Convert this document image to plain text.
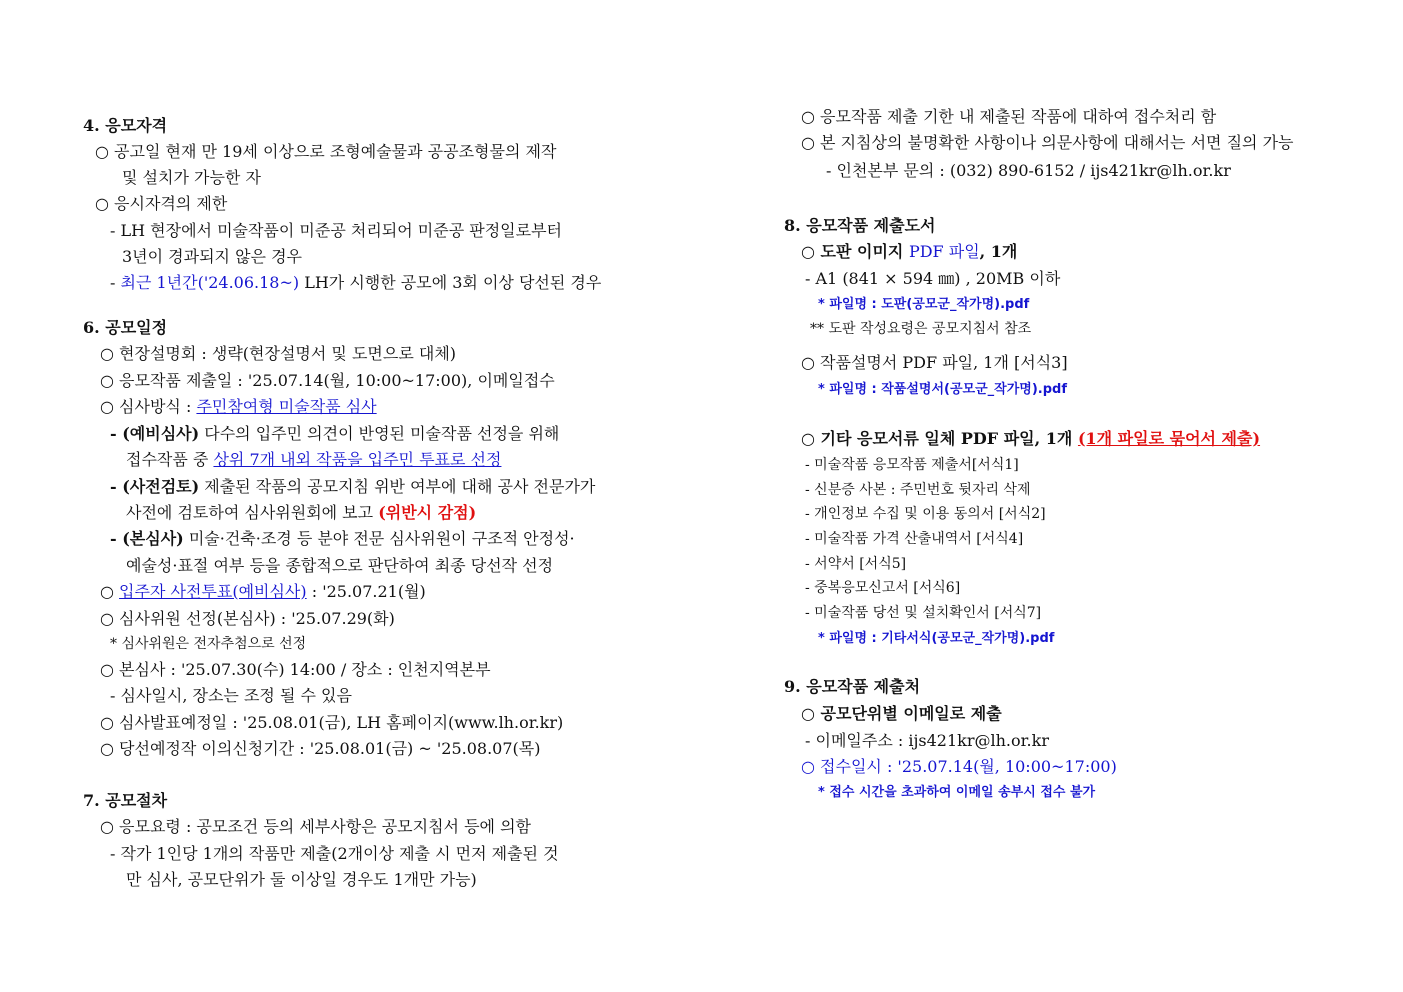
4. 응모자격
○ 공고일 현재 만 19세 이상으로 조형예술물과 공공조형물의 제작
및 설치가 가능한 자
○ 응시자격의 제한
- LH 현장에서 미술작품이 미준공 처리되어 미준공 판정일로부터
3년이 경과되지 않은 경우
- 최근 1년간('24.06.18~) LH가 시행한 공모에 3회 이상 당선된 경우
6. 공모일정
○ 현장설명회 : 생략(현장설명서 및 도면으로 대체)
○ 응모작품 제출일 : '25.07.14(월, 10:00~17:00), 이메일접수
○ 심사방식 : 주민참여형 미술작품 심사
- (예비심사) 다수의 입주민 의견이 반영된 미술작품 선정을 위해
접수작품 중 상위 7개 내외 작품을 입주민 투표로 선정
- (사전검토) 제출된 작품의 공모지침 위반 여부에 대해 공사 전문가가
사전에 검토하여 심사위원회에 보고 (위반시 감점)
- (본심사) 미술·건축·조경 등 분야 전문 심사위원이 구조적 안정성·
예술성·표절 여부 등을 종합적으로 판단하여 최종 당선작 선정
○ 입주자 사전투표(예비심사) : '25.07.21(월)
○ 심사위원 선정(본심사) : '25.07.29(화)
* 심사위원은 전자추첨으로 선정
○ 본심사 : '25.07.30(수) 14:00 / 장소 : 인천지역본부
- 심사일시, 장소는 조정 될 수 있음
○ 심사발표예정일 : '25.08.01(금), LH 홈페이지(www.lh.or.kr)
○ 당선예정작 이의신청기간 : '25.08.01(금) ~ '25.08.07(목)
7. 공모절차
○ 응모요령 : 공모조건 등의 세부사항은 공모지침서 등에 의함
- 작가 1인당 1개의 작품만 제출(2개이상 제출 시 먼저 제출된 것
만 심사, 공모단위가 둘 이상일 경우도 1개만 가능)
○ 응모작품 제출 기한 내 제출된 작품에 대하여 접수처리 함
○ 본 지침상의 불명확한 사항이나 의문사항에 대해서는 서면 질의 가능
- 인천본부 문의 : (032) 890-6152 / ijs421kr@lh.or.kr
8. 응모작품 제출도서
○ 도판 이미지 PDF 파일, 1개
- A1 (841 × 594 ㎜) , 20MB 이하
* 파일명 : 도판(공모군_작가명).pdf
** 도판 작성요령은 공모지침서 참조
○ 작품설명서 PDF 파일, 1개 [서식3]
* 파일명 : 작품설명서(공모군_작가명).pdf
○ 기타 응모서류 일체 PDF 파일, 1개 (1개 파일로 묶어서 제출)
- 미술작품 응모작품 제출서[서식1]
- 신분증 사본 : 주민번호 뒷자리 삭제
- 개인정보 수집 및 이용 동의서 [서식2]
- 미술작품 가격 산출내역서 [서식4]
- 서약서 [서식5]
- 중복응모신고서 [서식6]
- 미술작품 당선 및 설치확인서 [서식7]
* 파일명 : 기타서식(공모군_작가명).pdf
9. 응모작품 제출처
○ 공모단위별 이메일로 제출
- 이메일주소 : ijs421kr@lh.or.kr
○ 접수일시 : '25.07.14(월, 10:00~17:00)
* 접수 시간을 초과하여 이메일 송부시 접수 불가
